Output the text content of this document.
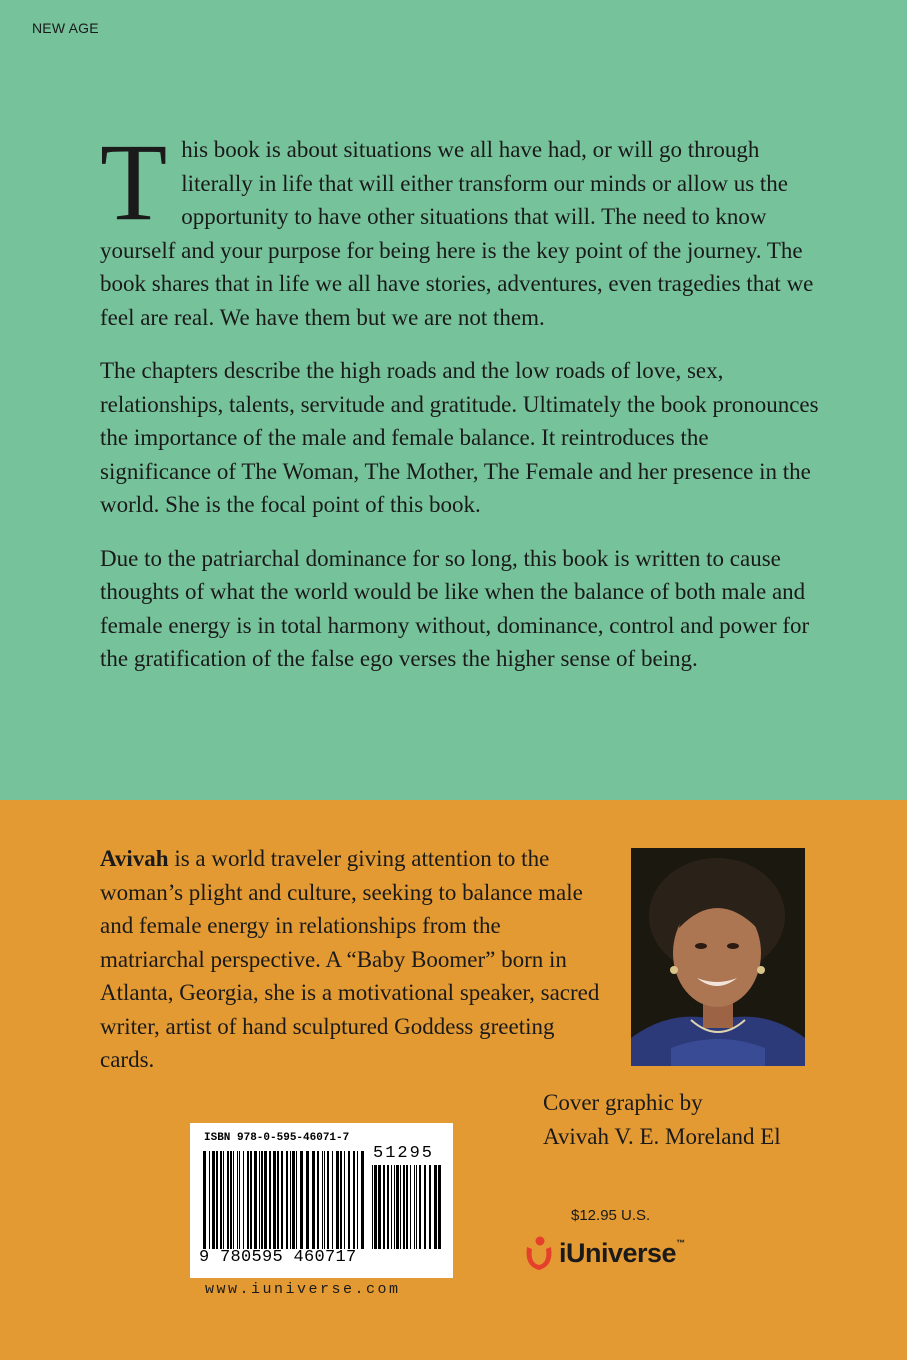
NEW AGE

This book is about situations we all have had, or will go through literally in life that will either transform our minds or allow us the opportunity to have other situations that will. The need to know yourself and your purpose for being here is the key point of the journey. The book shares that in life we all have stories, adventures, even tragedies that we feel are real. We have them but we are not them.

The chapters describe the high roads and the low roads of love, sex, relationships, talents, servitude and gratitude. Ultimately the book pronounces the importance of the male and female balance. It reintroduces the significance of The Woman, The Mother, The Female and her presence in the world. She is the focal point of this book.

Due to the patriarchal dominance for so long, this book is written to cause thoughts of what the world would be like when the balance of both male and female energy is in total harmony without, dominance, control and power for the gratification of the false ego verses the higher sense of being.

Avivah is a world traveler giving attention to the woman’s plight and culture, seeking to balance male and female energy in relationships from the matriarchal perspective. A “Baby Boomer” born in Atlanta, Georgia, she is a motivational speaker, sacred writer, artist of hand sculptured Goddess greeting cards.
Cover graphic by
Avivah V. E. Moreland El
ISBN 978-0-595-46071-7
51295
9 780595 460717
www.iuniverse.com
$12.95 U.S.
iUniverse™
